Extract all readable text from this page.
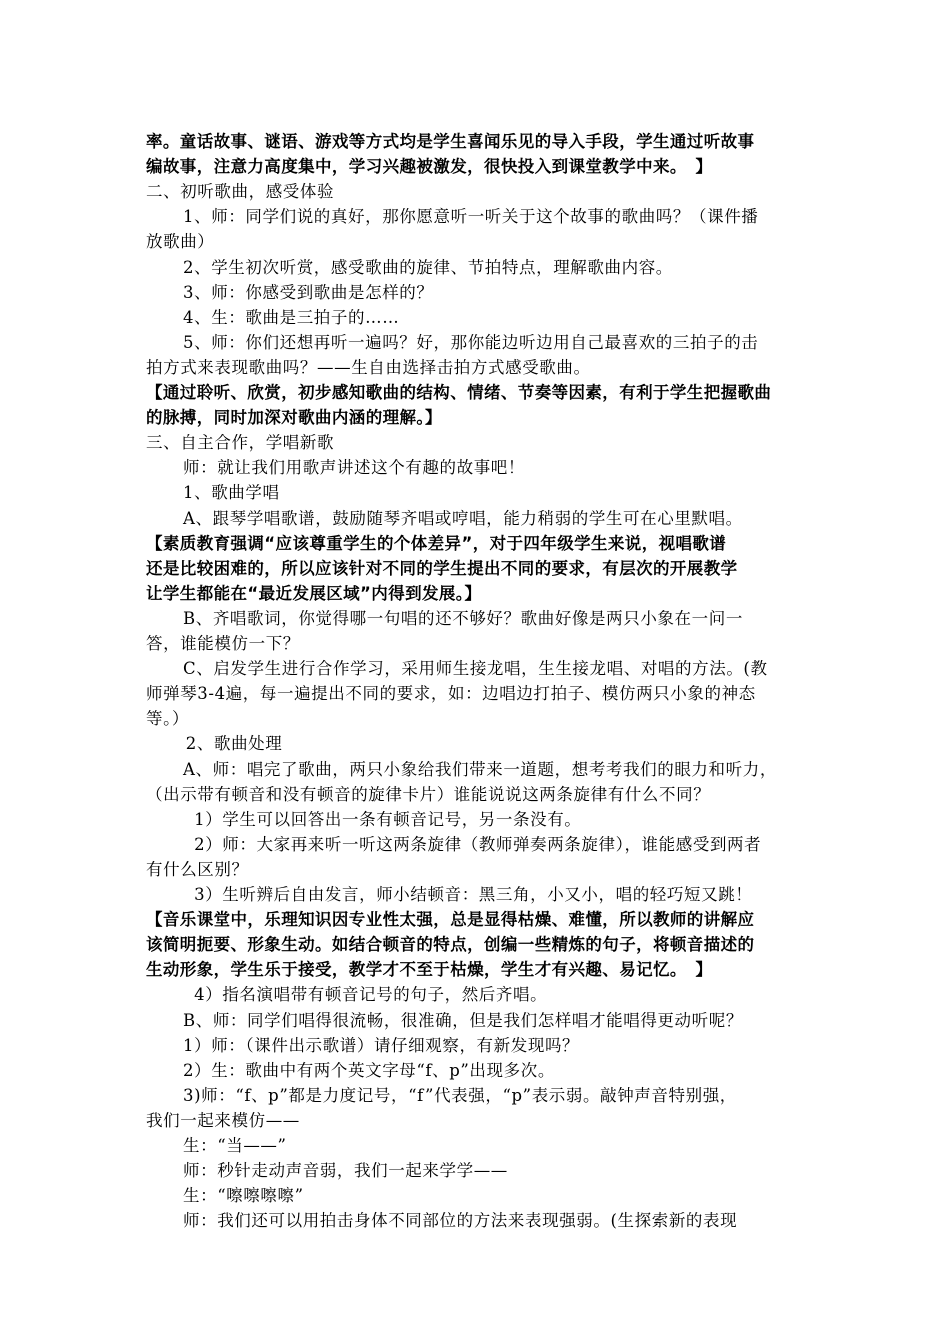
率。童话故事、谜语、游戏等方式均是学生喜闻乐见的导入手段，学生通过听故事
编故事，注意力高度集中，学习兴趣被激发，很快投入到课堂教学中来。　】
二、初听歌曲，感受体验
1、师：同学们说的真好，那你愿意听一听关于这个故事的歌曲吗？（课件播
放歌曲）
2、学生初次听赏，感受歌曲的旋律、节拍特点，理解歌曲内容。
3、师：你感受到歌曲是怎样的？
4、生：歌曲是三拍子的……
5、师：你们还想再听一遍吗？好，那你能边听边用自己最喜欢的三拍子的击
拍方式来表现歌曲吗？——生自由选择击拍方式感受歌曲。
【通过聆听、欣赏，初步感知歌曲的结构、情绪、节奏等因素，有利于学生把握歌曲
的脉搏，同时加深对歌曲内涵的理解。】
三、自主合作，学唱新歌
师：就让我们用歌声讲述这个有趣的故事吧！
1、歌曲学唱
A、跟琴学唱歌谱，鼓励随琴齐唱或哼唱，能力稍弱的学生可在心里默唱。
【素质教育强调“应该尊重学生的个体差异”，对于四年级学生来说，视唱歌谱
还是比较困难的，所以应该针对不同的学生提出不同的要求，有层次的开展教学
让学生都能在“最近发展区域”内得到发展。】
B、齐唱歌词，你觉得哪一句唱的还不够好？歌曲好像是两只小象在一问一
答，谁能模仿一下？
C、启发学生进行合作学习，采用师生接龙唱，生生接龙唱、对唱的方法。(教
师弹琴3-4遍，每一遍提出不同的要求，如：边唱边打拍子、模仿两只小象的神态
等。）
2、歌曲处理
A、师：唱完了歌曲，两只小象给我们带来一道题，想考考我们的眼力和听力，
（出示带有顿音和没有顿音的旋律卡片）谁能说说这两条旋律有什么不同？
1）学生可以回答出一条有顿音记号，另一条没有。
2）师：大家再来听一听这两条旋律（教师弹奏两条旋律），谁能感受到两者
有什么区别？
3）生听辨后自由发言，师小结顿音：黑三角，小又小，唱的轻巧短又跳！
【音乐课堂中，乐理知识因专业性太强，总是显得枯燥、难懂，所以教师的讲解应
该简明扼要、形象生动。如结合顿音的特点，创编一些精炼的句子，将顿音描述的
生动形象，学生乐于接受，教学才不至于枯燥，学生才有兴趣、易记忆。　】
4）指名演唱带有顿音记号的句子，然后齐唱。
B、师：同学们唱得很流畅，很准确，但是我们怎样唱才能唱得更动听呢？
1）师：（课件出示歌谱）请仔细观察，有新发现吗？
2）生：歌曲中有两个英文字母“f、p”出现多次。
3)师：“f、p”都是力度记号，“f”代表强，“p”表示弱。敲钟声音特别强，
我们一起来模仿——
生：“当——”
师：秒针走动声音弱，我们一起来学学——
生：“嚓嚓嚓嚓”
师：我们还可以用拍击身体不同部位的方法来表现强弱。(生探索新的表现
